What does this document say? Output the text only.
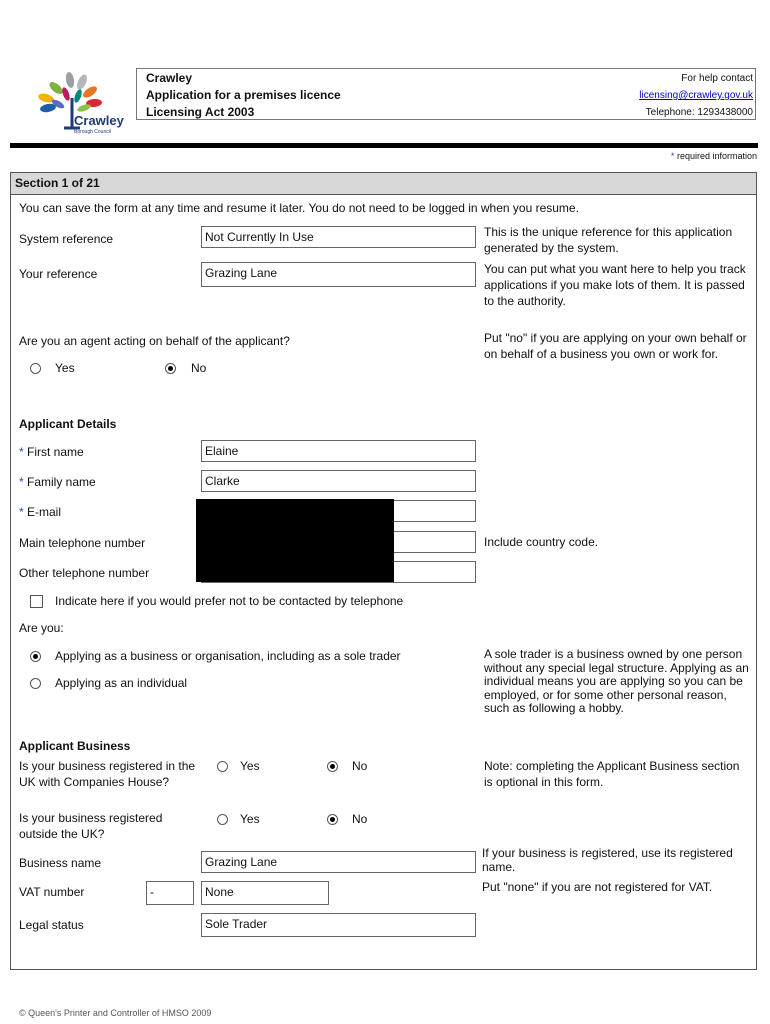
Crawley
Borough Council
Crawley
Application for a premises licence
Licensing Act 2003
For help contact
licensing@crawley.gov.uk
Telephone: 1293438000
* required information
Section 1 of 21
You can save the form at any time and resume it later. You do not need to be logged in when you resume.
System reference	Not Currently In Use	This is the unique reference for this application generated by the system.
Your reference	Grazing Lane	You can put what you want here to help you track applications if you make lots of them. It is passed to the authority.
Are you an agent acting on behalf of the applicant?
Yes	No
Put "no" if you are applying on your own behalf or on behalf of a business you own or work for.
Applicant Details
* First name	Elaine
* Family name	Clarke
* E-mail
Main telephone number	Include country code.
Other telephone number
Indicate here if you would prefer not to be contacted by telephone
Are you:
Applying as a business or organisation, including as a sole trader
Applying as an individual
A sole trader is a business owned by one person without any special legal structure. Applying as an individual means you are applying so you can be employed, or for some other personal reason, such as following a hobby.
Applicant Business
Is your business registered in the UK with Companies House?
Yes	No	Note: completing the Applicant Business section is optional in this form.
Is your business registered outside the UK?
Yes	No
Business name	Grazing Lane
If your business is registered, use its registered name.
VAT number	-	None	Put "none" if you are not registered for VAT.
Legal status	Sole Trader
© Queen's Printer and Controller of HMSO 2009
